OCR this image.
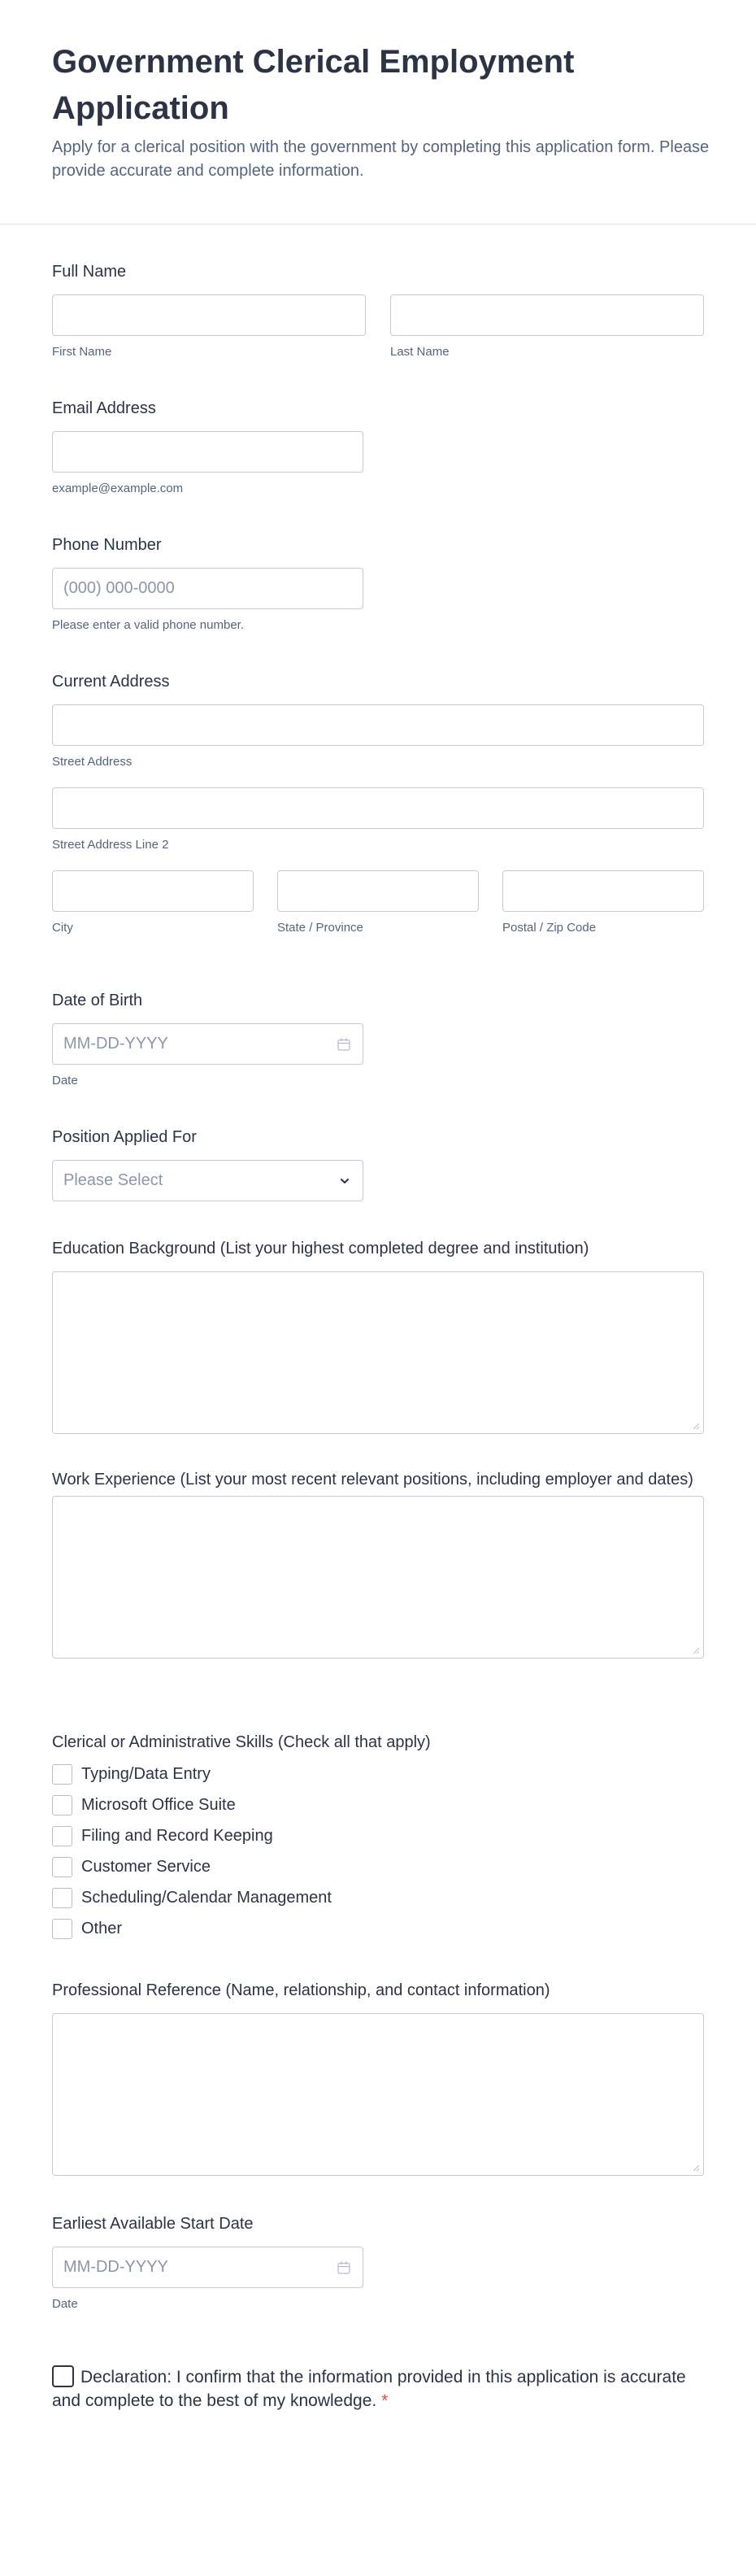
Government Clerical Employment Application

Apply for a clerical position with the government by completing this application form. Please provide accurate and complete information.

Full Name
First Name	Last Name
Email Address
example@example.com
Phone Number
(000) 000-0000
Please enter a valid phone number.
Current Address
Street Address
Street Address Line 2
City	State / Province	Postal / Zip Code
Date of Birth
MM-DD-YYYY
Date
Position Applied For
Please Select
Education Background (List your highest completed degree and institution)
Work Experience (List your most recent relevant positions, including employer and dates)
Clerical or Administrative Skills (Check all that apply)
Typing/Data Entry
Microsoft Office Suite
Filing and Record Keeping
Customer Service
Scheduling/Calendar Management
Other
Professional Reference (Name, relationship, and contact information)
Earliest Available Start Date
MM-DD-YYYY
Date
Declaration: I confirm that the information provided in this application is accurate and complete to the best of my knowledge. *
